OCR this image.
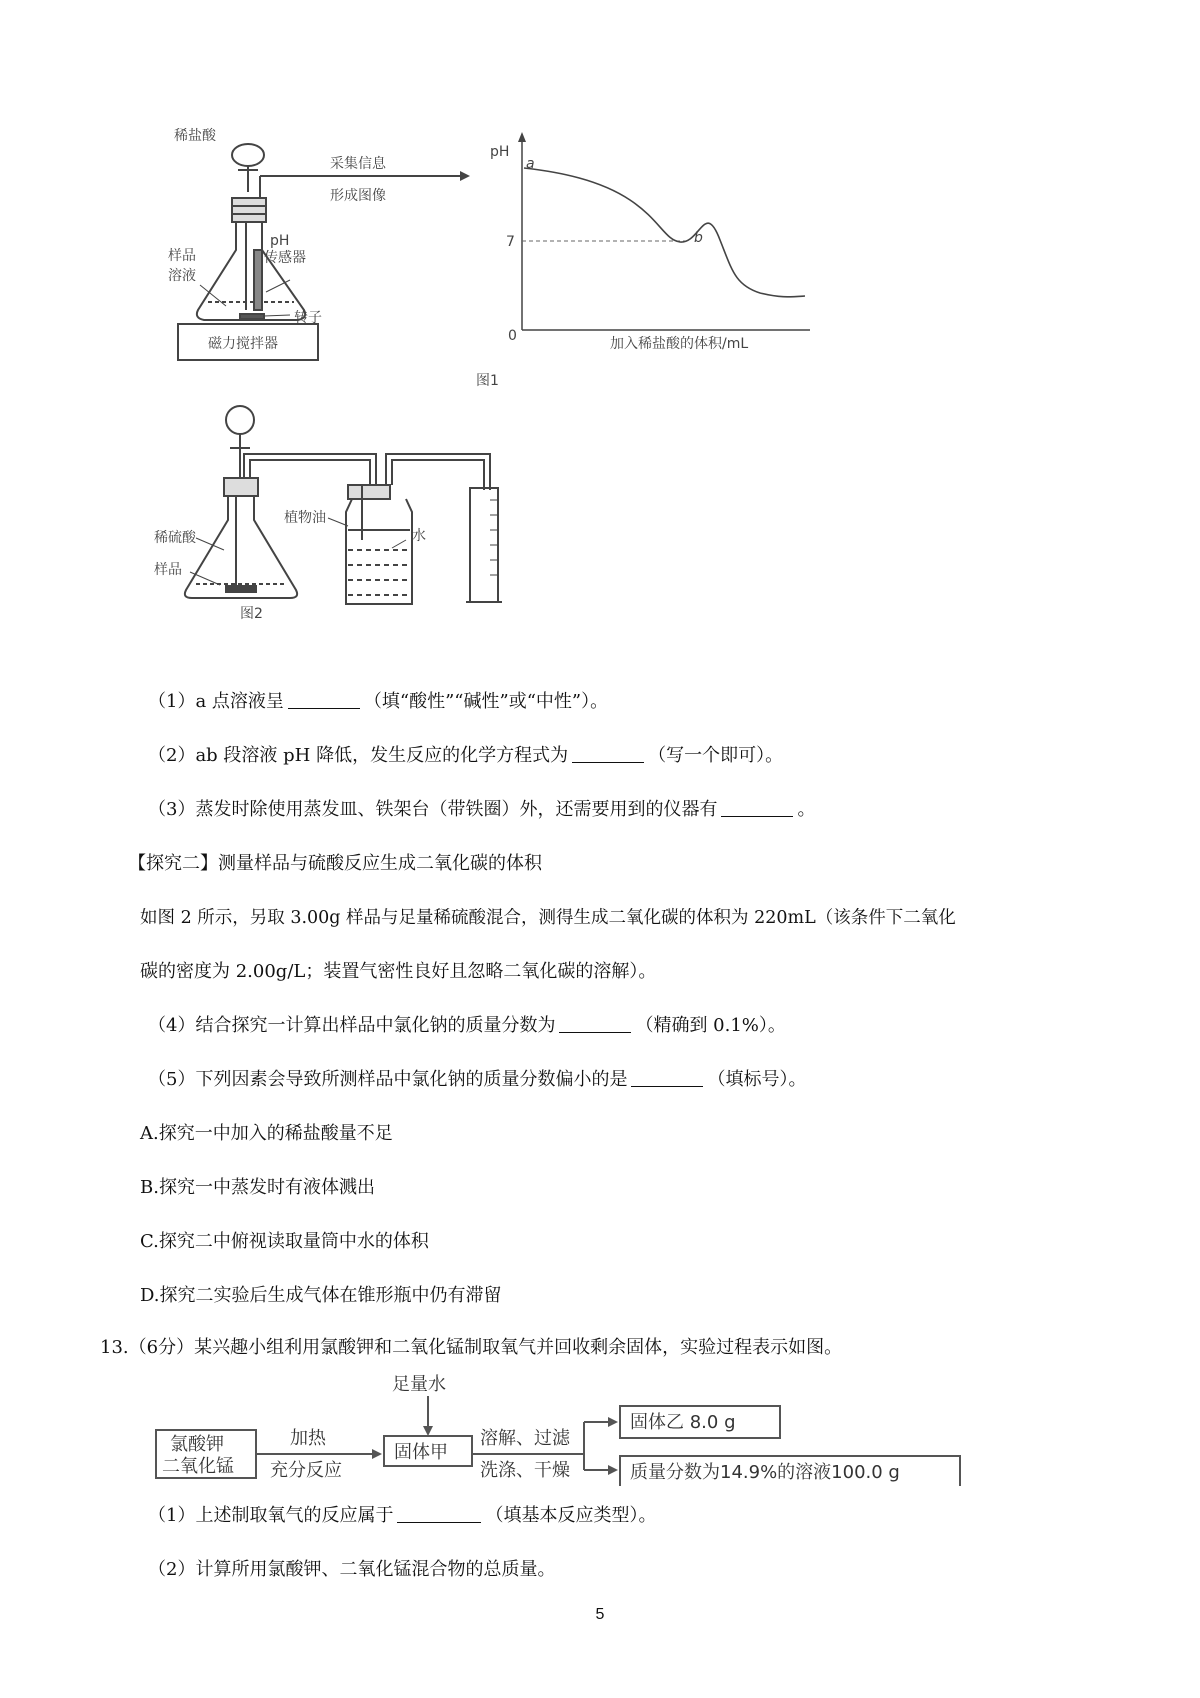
稀盐酸
采集信息
形成图像
样品
溶液
pH
传感器
转子
磁力搅拌器
pH
a
b
7
0	加入稀盐酸的体积/mL
图1
稀硫酸
样品
植物油
水
图2
（1）a 点溶液呈	（填“酸性”“碱性”或“中性”）。
（2）ab 段溶液 pH 降低，发生反应的化学方程式为	（写一个即可）。
（3）蒸发时除使用蒸发皿、铁架台（带铁圈）外，还需要用到的仪器有	。
【探究二】测量样品与硫酸反应生成二氧化碳的体积
如图 2 所示，另取 3.00g 样品与足量稀硫酸混合，测得生成二氧化碳的体积为 220mL（该条件下二氧化
碳的密度为 2.00g/L；装置气密性良好且忽略二氧化碳的溶解）。
（4）结合探究一计算出样品中氯化钠的质量分数为	（精确到 0.1%）。
（5）下列因素会导致所测样品中氯化钠的质量分数偏小的是	（填标号）。
A.探究一中加入的稀盐酸量不足
B.探究一中蒸发时有液体溅出
C.探究二中俯视读取量筒中水的体积
D.探究二实验后生成气体在锥形瓶中仍有滞留
13.（6分）某兴趣小组利用氯酸钾和二氧化锰制取氧气并回收剩余固体，实验过程表示如图。
足量水
氯酸钾
二氧化锰
加热
充分反应
固体甲
溶解、过滤
洗涤、干燥
固体乙 8.0 g
质量分数为14.9%的溶液100.0 g
（1）上述制取氧气的反应属于	（填基本反应类型）。
（2）计算所用氯酸钾、二氧化锰混合物的总质量。
5
